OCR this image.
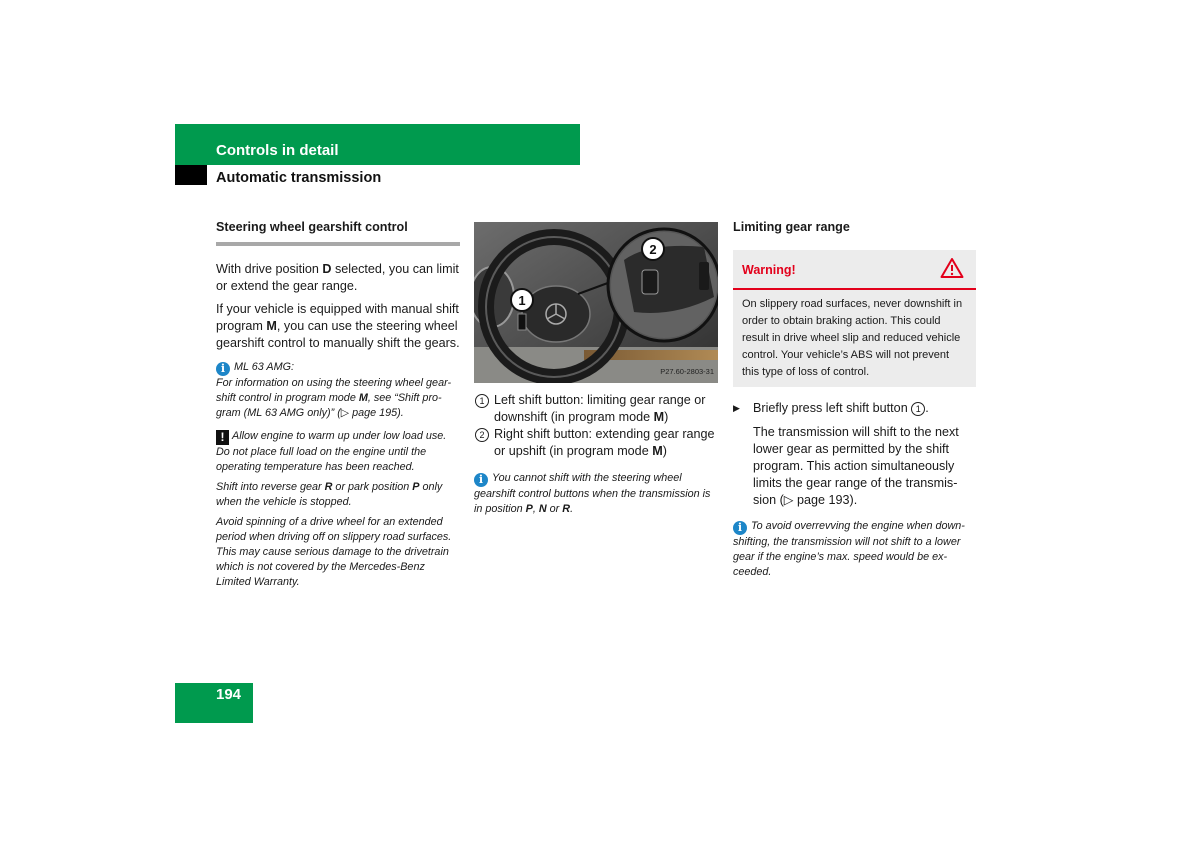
Controls in detail
Automatic transmission
Steering wheel gearshift control

With drive position D selected, you can limit or extend the gear range.

If your vehicle is equipped with manual shift program M, you can use the steering wheel gearshift control to manually shift the gears.

i ML 63 AMG:
For information on using the steering wheel gear-shift control in program mode M, see “Shift pro-gram (ML 63 AMG only)” (▷ page 195).

! Allow engine to warm up under low load use. Do not place full load on the engine until the operating temperature has been reached.

Shift into reverse gear R or park position P only when the vehicle is stopped.

Avoid spinning of a drive wheel for an extended period when driving off on slippery road surfaces. This may cause serious damage to the drivetrain which is not covered by the Mercedes-Benz Limited Warranty.

2
1
P27.60-2803-31
1 Left shift button: limiting gear range or downshift (in program mode M)
2 Right shift button: extending gear range or upshift (in program mode M)

i You cannot shift with the steering wheel gearshift control buttons when the transmission is in position P, N or R.

Limiting gear range
Warning!
On slippery road surfaces, never downshift in order to obtain braking action. This could result in drive wheel slip and reduced vehicle control. Your vehicle’s ABS will not prevent this type of loss of control.
▶	Briefly press left shift button 1 .

The transmission will shift to the next lower gear as permitted by the shift program. This action simultaneously limits the gear range of the transmis-sion (▷ page 193).

i To avoid overrevving the engine when down-shifting, the transmission will not shift to a lower gear if the engine’s max. speed would be ex-ceeded.

194
